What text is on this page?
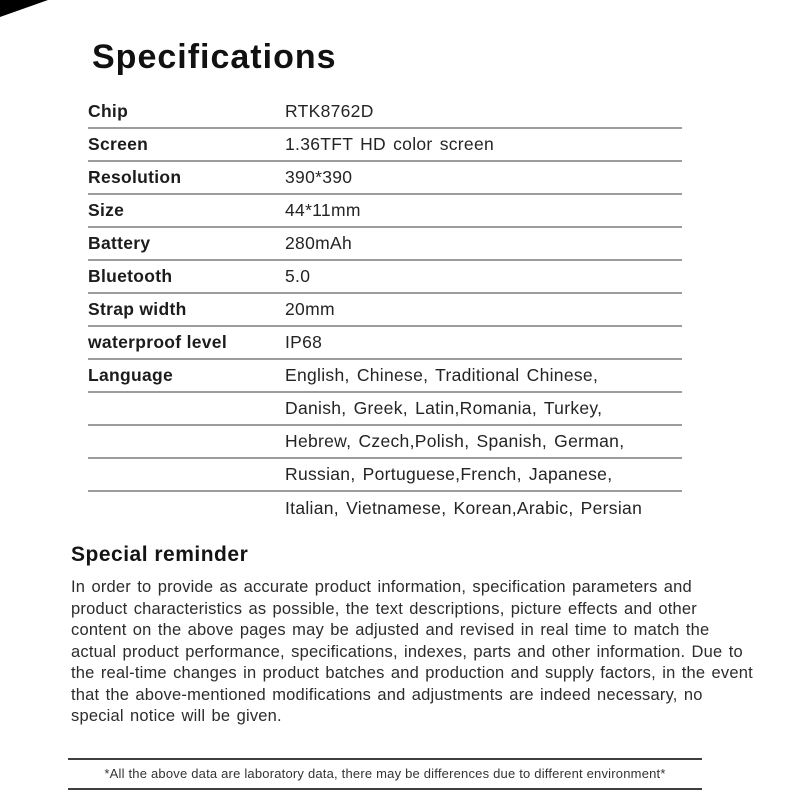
Specifications
Chip	RTK8762D
Screen	1.36TFT HD color screen
Resolution	390*390
Size	44*11mm
Battery	280mAh
Bluetooth	5.0
Strap width	20mm
waterproof level	IP68
Language	English, Chinese, Traditional Chinese,
Danish, Greek, Latin,Romania, Turkey,
Hebrew, Czech,Polish, Spanish, German,
Russian, Portuguese,French, Japanese,
Italian, Vietnamese, Korean,Arabic, Persian
Special reminder

In order to provide as accurate product information, specification parameters and product characteristics as possible, the text descriptions, picture effects and other content on the above pages may be adjusted and revised in real time to match the actual product performance, specifications, indexes, parts and other information. Due to the real-time changes in product batches and production and supply factors, in the event that the above-mentioned modifications and adjustments are indeed necessary, no special notice will be given.

*All the above data are laboratory data, there may be differences due to different environment*
